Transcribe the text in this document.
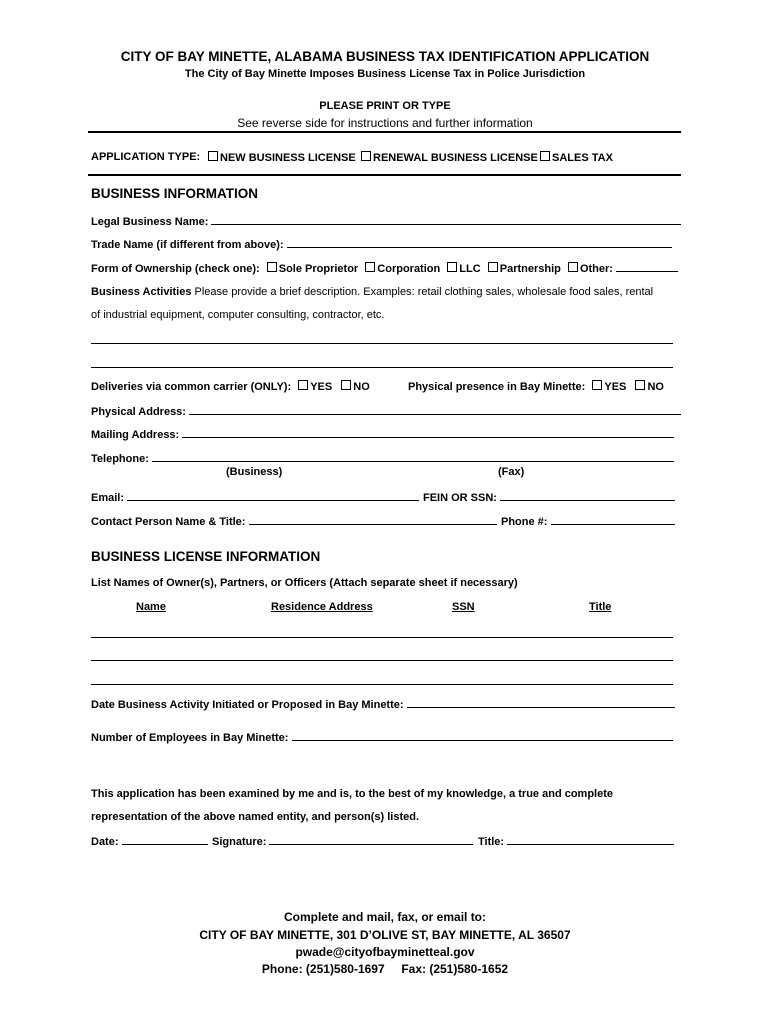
CITY OF BAY MINETTE, ALABAMA BUSINESS TAX IDENTIFICATION APPLICATION
The City of Bay Minette Imposes Business License Tax in Police Jurisdiction
PLEASE PRINT OR TYPE
See reverse side for instructions and further information
APPLICATION TYPE:	NEW BUSINESS LICENSE	RENEWAL BUSINESS LICENSE	SALES TAX
BUSINESS INFORMATION
Legal Business Name:
Trade Name (if different from above):
Form of Ownership (check one): Sole Proprietor Corporation LLC Partnership Other:
Business Activities Please provide a brief description. Examples: retail clothing sales, wholesale food sales, rental
of industrial equipment, computer consulting, contractor, etc.
Deliveries via common carrier (ONLY): YES NO	Physical presence in Bay Minette: YES NO
Physical Address:
Mailing Address:
Telephone:
(Business)	(Fax)
Email:	FEIN OR SSN:
Contact Person Name & Title:	Phone #:
BUSINESS LICENSE INFORMATION
List Names of Owner(s), Partners, or Officers (Attach separate sheet if necessary)
Name	Residence Address	SSN	Title
Date Business Activity Initiated or Proposed in Bay Minette:
Number of Employees in Bay Minette:
This application has been examined by me and is, to the best of my knowledge, a true and complete
representation of the above named entity, and person(s) listed.
Date:	Signature:	Title:
Complete and mail, fax, or email to:
CITY OF BAY MINETTE, 301 D’OLIVE ST, BAY MINETTE, AL 36507
pwade@cityofbayminetteal.gov
Phone: (251)580-1697     Fax: (251)580-1652
